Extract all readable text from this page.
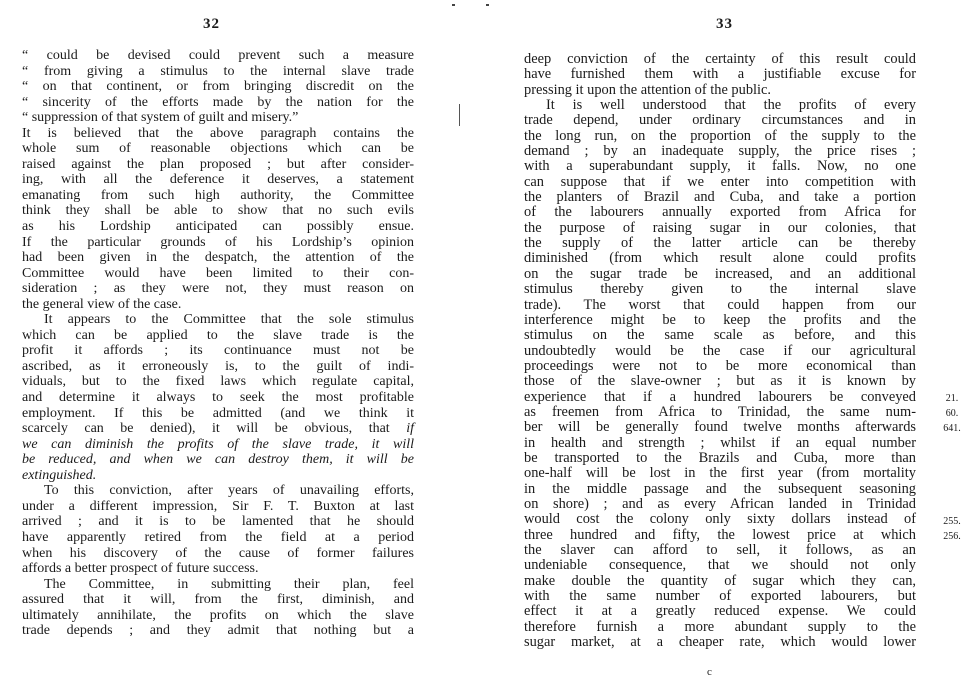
32
“ could be devised could prevent such a measure
“ from giving a stimulus to the internal slave trade
“ on that continent, or from bringing discredit on the
“ sincerity of the efforts made by the nation for the
“ suppression of that system of guilt and misery.”
It is believed that the above paragraph contains the
whole sum of reasonable objections which can be
raised against the plan proposed ; but after consider-
ing, with all the deference it deserves, a statement
emanating from such high authority, the Committee
think they shall be able to show that no such evils
as his Lordship anticipated can possibly ensue.
If the particular grounds of his Lordship’s opinion
had been given in the despatch, the attention of the
Committee would have been limited to their con-
sideration ; as they were not, they must reason on
the general view of the case.
It appears to the Committee that the sole stimulus
which can be applied to the slave trade is the
profit it affords ; its continuance must not be
ascribed, as it erroneously is, to the guilt of indi-
viduals, but to the fixed laws which regulate capital,
and determine it always to seek the most profitable
employment. If this be admitted (and we think it
scarcely can be denied), it will be obvious, that if
we can diminish the profits of the slave trade, it will
be reduced, and when we can destroy them, it will be
extinguished.
To this conviction, after years of unavailing efforts,
under a different impression, Sir F. T. Buxton at last
arrived ; and it is to be lamented that he should
have apparently retired from the field at a period
when his discovery of the cause of former failures
affords a better prospect of future success.
The Committee, in submitting their plan, feel
assured that it will, from the first, diminish, and
ultimately annihilate, the profits on which the slave
trade depends ; and they admit that nothing but a
33
deep conviction of the certainty of this result could
have furnished them with a justifiable excuse for
pressing it upon the attention of the public.
It is well understood that the profits of every
trade depend, under ordinary circumstances and in
the long run, on the proportion of the supply to the
demand ; by an inadequate supply, the price rises ;
with a superabundant supply, it falls. Now, no one
can suppose that if we enter into competition with
the planters of Brazil and Cuba, and take a portion
of the labourers annually exported from Africa for
the purpose of raising sugar in our colonies, that
the supply of the latter article can be thereby
diminished (from which result alone could profits
on the sugar trade be increased, and an additional
stimulus thereby given to the internal slave
trade). The worst that could happen from our
interference might be to keep the profits and the
stimulus on the same scale as before, and this
undoubtedly would be the case if our agricultural
proceedings were not to be more economical than
those of the slave-owner ; but as it is known by
experience that if a hundred labourers be conveyed
as freemen from Africa to Trinidad, the same num-
ber will be generally found twelve months afterwards
in health and strength ; whilst if an equal number
be transported to the Brazils and Cuba, more than
one-half will be lost in the first year (from mortality
in the middle passage and the subsequent seasoning
on shore) ; and as every African landed in Trinidad
would cost the colony only sixty dollars instead of
three hundred and fifty, the lowest price at which
the slaver can afford to sell, it follows, as an
undeniable consequence, that we should not only
make double the quantity of sugar which they can,
with the same number of exported labourers, but
effect it at a greatly reduced expense. We could
therefore furnish a more abundant supply to the
sugar market, at a cheaper rate, which would lower
c
21.
60.
641.
255.
256.
